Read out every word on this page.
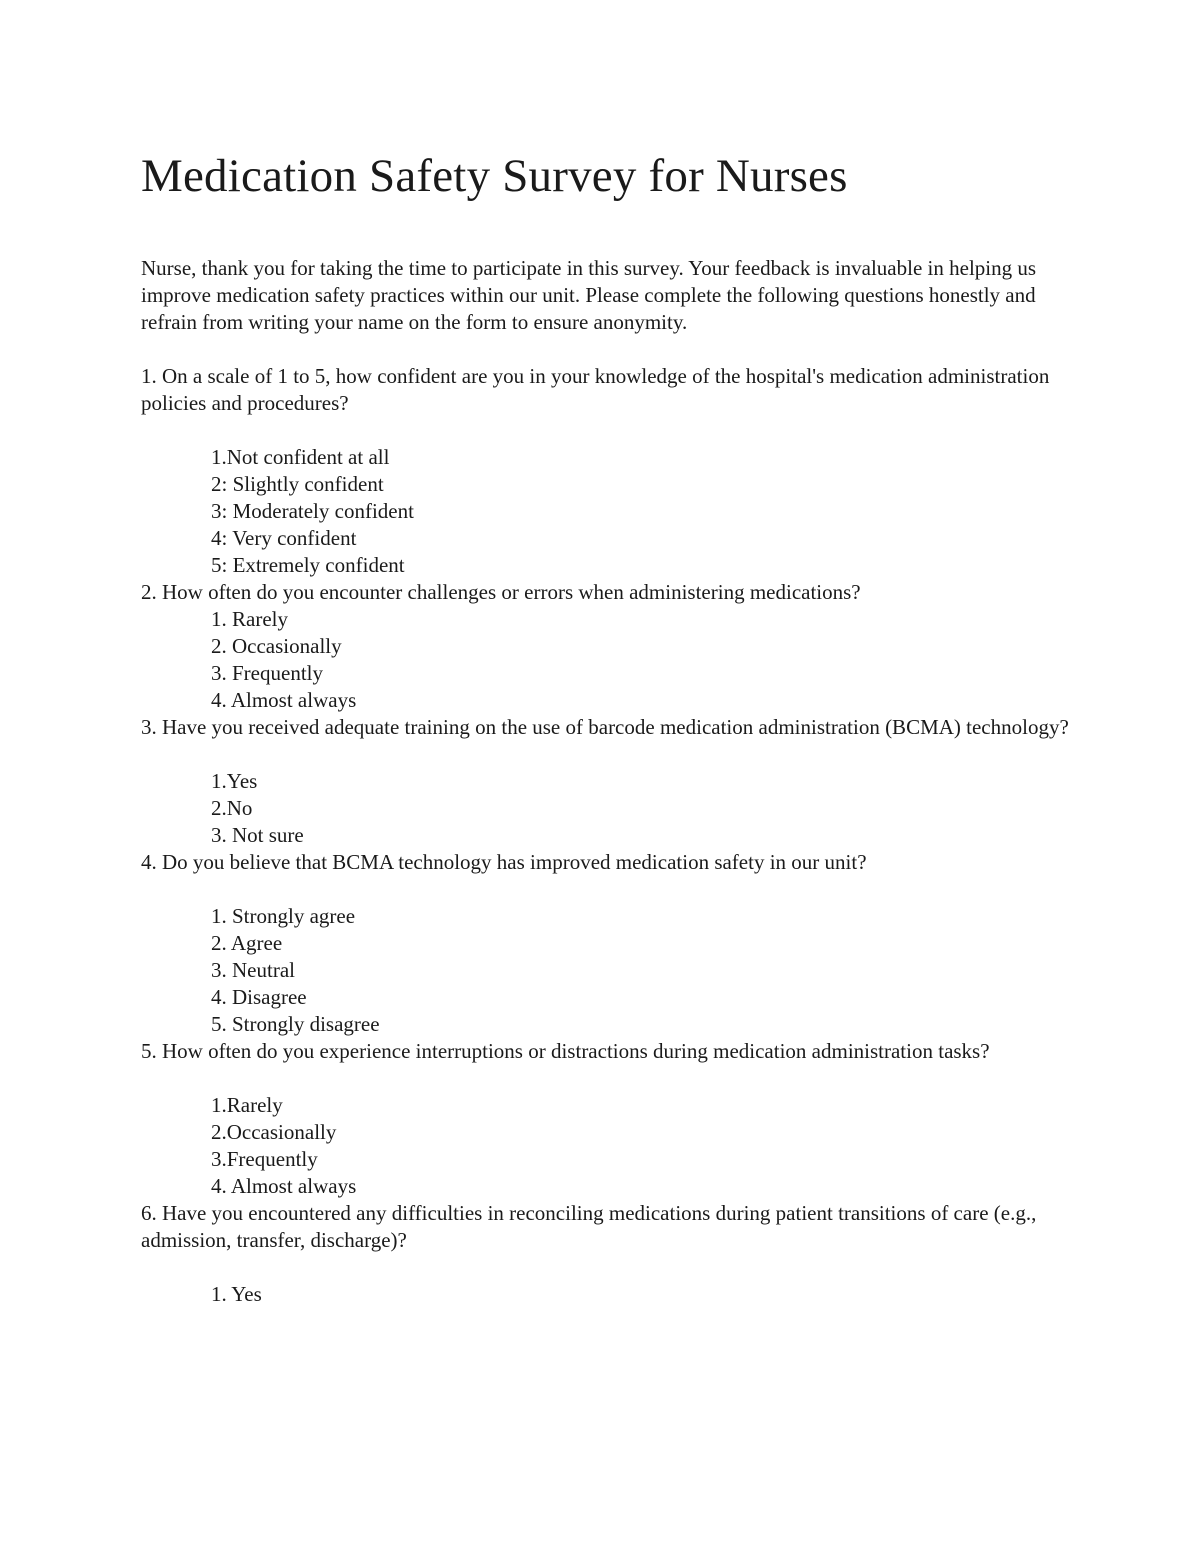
Medication Safety Survey for Nurses

Nurse, thank you for taking the time to participate in this survey. Your feedback is invaluable in helping us improve medication safety practices within our unit. Please complete the following questions honestly and refrain from writing your name on the form to ensure anonymity.

1. On a scale of 1 to 5, how confident are you in your knowledge of the hospital's medication administration policies and procedures?

1.Not confident at all
2: Slightly confident
3: Moderately confident
4: Very confident
5: Extremely confident

2. How often do you encounter challenges or errors when administering medications?

1. Rarely
2. Occasionally
3. Frequently
4. Almost always

3. Have you received adequate training on the use of barcode medication administration (BCMA) technology?

1.Yes
2.No
3. Not sure

4. Do you believe that BCMA technology has improved medication safety in our unit?

1. Strongly agree
2. Agree
3. Neutral
4. Disagree
5. Strongly disagree

5. How often do you experience interruptions or distractions during medication administration tasks?

1.Rarely
2.Occasionally
3.Frequently
4. Almost always

6. Have you encountered any difficulties in reconciling medications during patient transitions of care (e.g., admission, transfer, discharge)?

1. Yes
